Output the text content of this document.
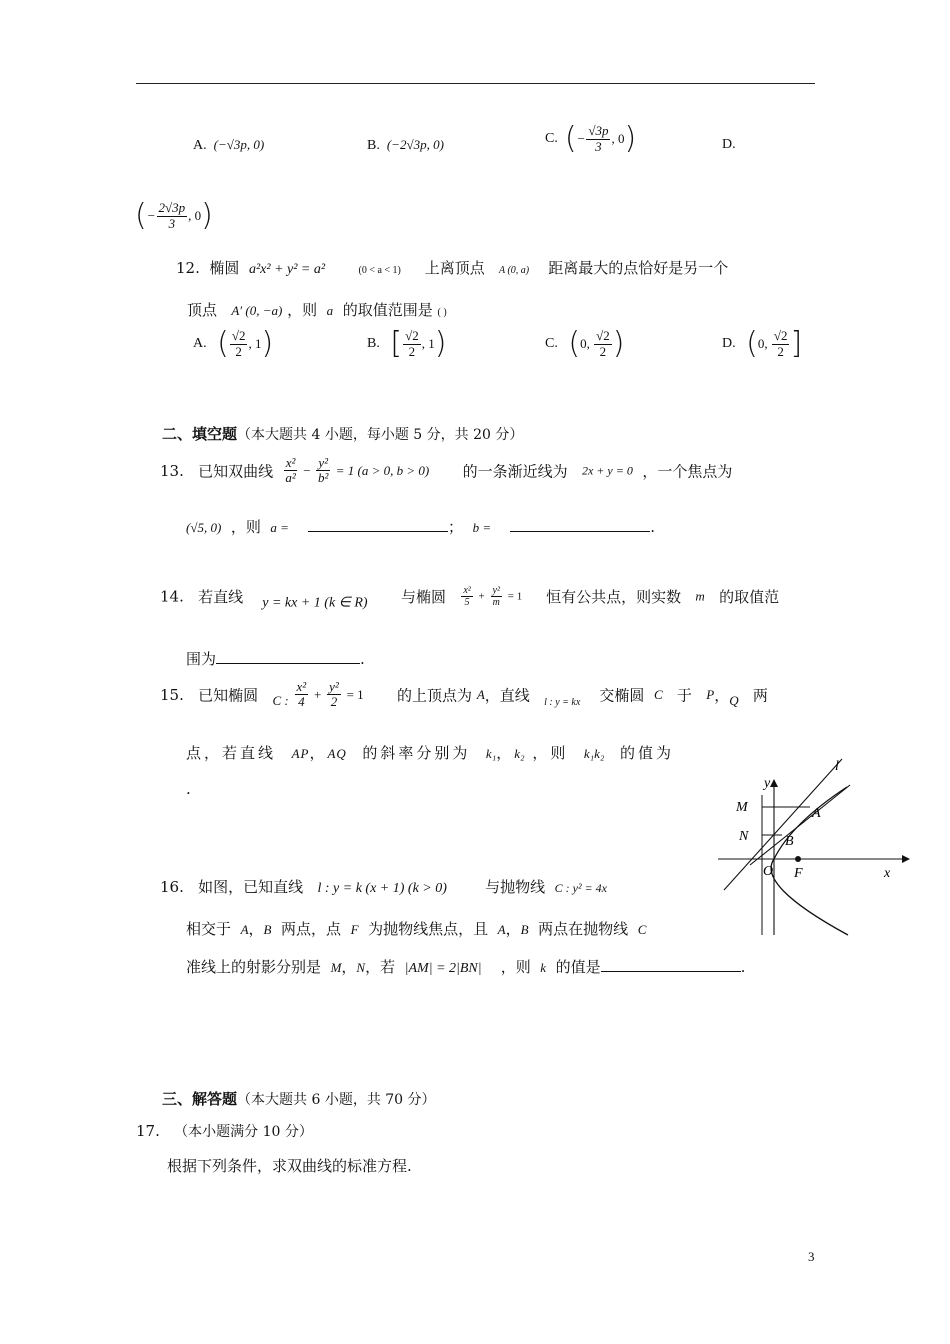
A. (−√3p, 0)	B. (−2√3p, 0)	C. (− $\frac{√3p}{3}$ , 0)	D.
(− $\frac{2√3p}{3}$ , 0)
12. 椭圆 a²x² + y² = a²	(0 < a < 1) 上离顶点 A (0, a) 距离最大的点恰好是另一个
顶点 A′ (0, −a) ，则 a 的取值范围是 ( )
A. ( $\frac{√2}{2}$ , 1)	B. [ $\frac{√2}{2}$ , 1)	C. (0, $\frac{√2}{2}$ )	D. (0, $\frac{√2}{2}$ ]
二、填空题（本大题共 4 小题，每小题 5 分，共 20 分）
13. 已知双曲线 $\frac{\text{x²}}{\text{a²}} - \frac{\text{y²}}{\text{b²}} = 1$ (a > 0, b > 0) 的一条渐近线为 2x + y = 0 ，一个焦点为
(√5, 0) ，则 a =	； b =	.
14. 若直线 y = kx + 1 (k ∈ R) 与椭圆 $\frac{\text{x²}}{5} + \frac{\text{y²}}{m} = 1$ 恒有公共点，则实数 m 的取值范
围为	.
15. 已知椭圆 C : $\frac{\text{x²}}{4} + \frac{\text{y²}}{2} = 1$ 的上顶点为 A，直线 $_{l : y = kx}$ 交椭圆 C 于 P，Q 两
点，若直线 AP，AQ 的斜率分别为 k₁，k₂ ，则 k₁k₂ 的值为
.
l
y
M	A
N	B
O F	x
16. 如图，已知直线 l : y = k (x + 1) (k > 0)	与抛物线 C : y² = 4x
相交于 A，B 两点，点 F 为抛物线焦点，且 A，B 两点在抛物线 C
准线上的射影分别是 M，N，若 |AM| = 2|BN| ，则 k 的值是	.
三、解答题（本大题共 6 小题，共 70 分）
17. （本小题满分 10 分）
根据下列条件，求双曲线的标准方程.
3
